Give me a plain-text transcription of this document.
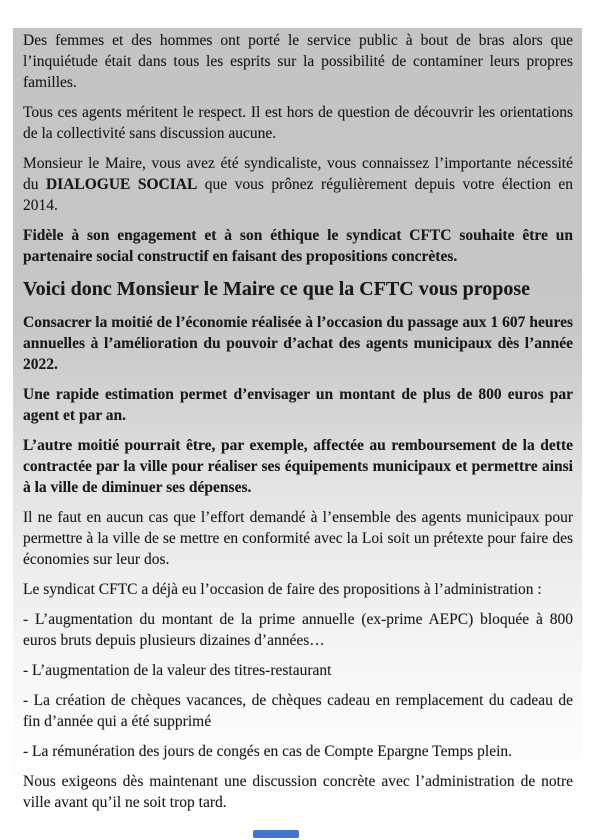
Des femmes et des hommes ont porté le service public à bout de bras alors que l’inquiétude était dans tous les esprits sur la possibilité de contaminer leurs propres familles.

Tous ces agents méritent le respect. Il est hors de question de découvrir les orientations de la collectivité sans discussion aucune.

Monsieur le Maire, vous avez été syndicaliste, vous connaissez l’importante nécessité du DIALOGUE SOCIAL que vous prônez régulièrement depuis votre élection en 2014.

Fidèle à son engagement et à son éthique le syndicat CFTC souhaite être un partenaire social constructif en faisant des propositions concrètes.

Voici donc Monsieur le Maire ce que la CFTC vous propose

Consacrer la moitié de l’économie réalisée à l’occasion du passage aux 1 607 heures annuelles à l’amélioration du pouvoir d’achat des agents municipaux dès l’année 2022.

Une rapide estimation permet d’envisager un montant de plus de 800 euros par agent et par an.

L’autre moitié pourrait être, par exemple, affectée au remboursement de la dette contractée par la ville pour réaliser ses équipements municipaux et permettre ainsi à la ville de diminuer ses dépenses.

Il ne faut en aucun cas que l’effort demandé à l’ensemble des agents municipaux pour permettre à la ville de se mettre en conformité avec la Loi soit un prétexte pour faire des économies sur leur dos.

Le syndicat CFTC a déjà eu l’occasion de faire des propositions à l’administration :

- L’augmentation du montant de la prime annuelle (ex-prime AEPC) bloquée à 800 euros bruts depuis plusieurs dizaines d’années…

- L’augmentation de la valeur des titres-restaurant

- La création de chèques vacances, de chèques cadeau en remplacement du cadeau de fin d’année qui a été supprimé

- La rémunération des jours de congés en cas de Compte Epargne Temps plein.

Nous exigeons dès maintenant une discussion concrète avec l’administration de notre ville avant qu’il ne soit trop tard.
